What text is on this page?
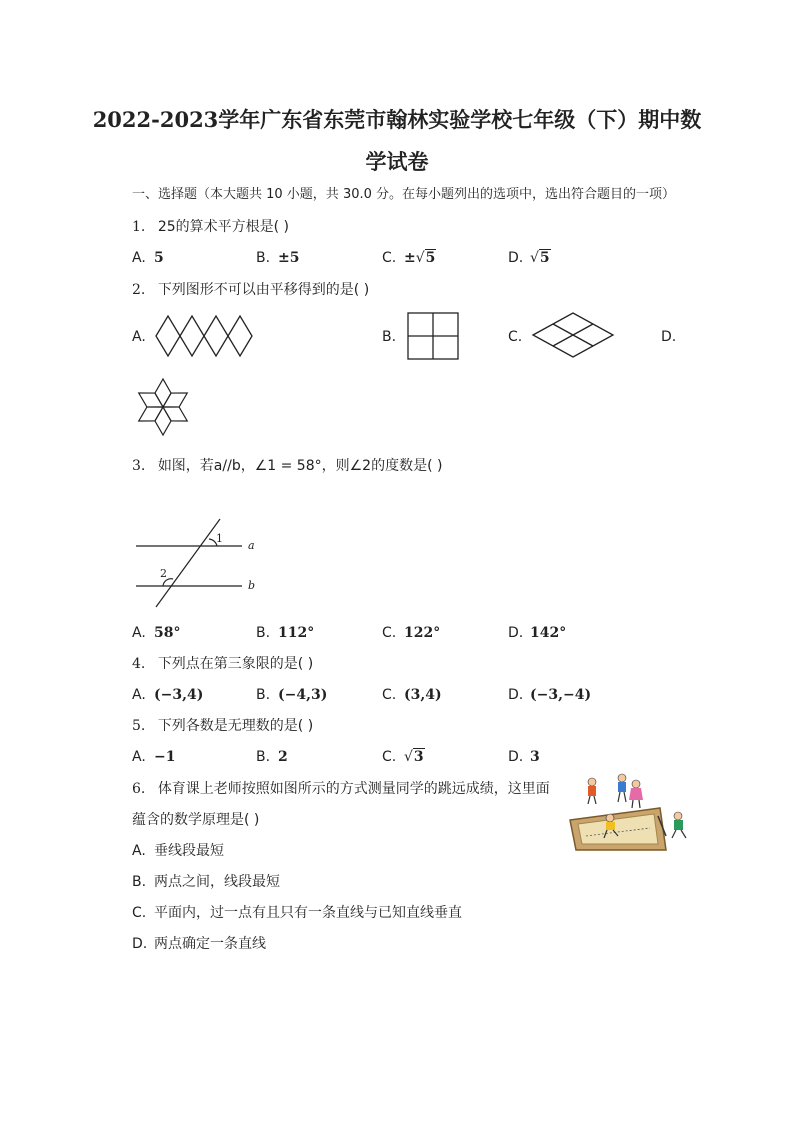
2022-2023学年广东省东莞市翰林实验学校七年级（下）期中数
学试卷
一、选择题（本大题共 10 小题，共 30.0 分。在每小题列出的选项中，选出符合题目的一项）
1. 25的算术平方根是( )
A. 5	B. ±5	C. ±√5	D. √5
2. 下列图形不可以由平移得到的是( )
A.	B.	C.	D.
3. 如图，若a//b，∠1 = 58°，则∠2的度数是( )
1
2
a
b
A. 58°	B. 112°	C. 122°	D. 142°
4. 下列点在第三象限的是( )
A. (−3,4)	B. (−4,3)	C. (3,4)	D. (−3,−4)
5. 下列各数是无理数的是( )
A. −1	B. 2	C. √3	D. 3
6. 体育课上老师按照如图所示的方式测量同学的跳远成绩，这里面
蕴含的数学原理是( )
A. 垂线段最短
B. 两点之间，线段最短
C. 平面内，过一点有且只有一条直线与已知直线垂直
D. 两点确定一条直线
